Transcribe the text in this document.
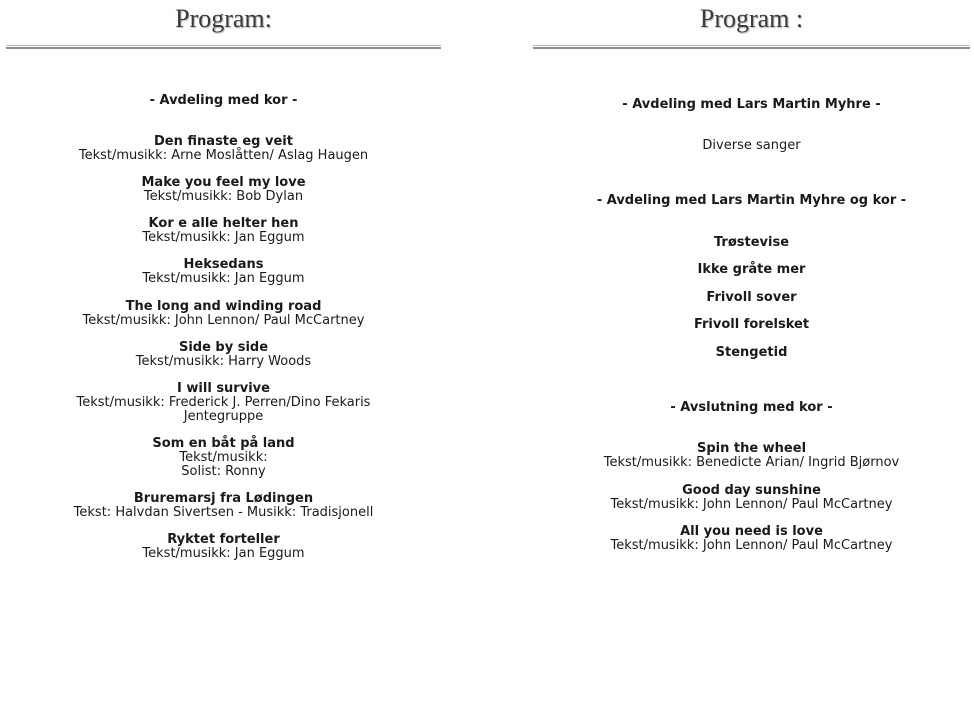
Program:
- Avdeling med kor -
Den finaste eg veit
Tekst/musikk: Arne Moslåtten/ Aslag Haugen
Make you feel my love
Tekst/musikk: Bob Dylan
Kor e alle helter hen
Tekst/musikk: Jan Eggum
Heksedans
Tekst/musikk: Jan Eggum
The long and winding road
Tekst/musikk: John Lennon/ Paul McCartney
Side by side
Tekst/musikk: Harry Woods
I will survive
Tekst/musikk: Frederick J. Perren/Dino Fekaris
Jentegruppe
Som en båt på land
Tekst/musikk:
Solist: Ronny
Bruremarsj fra Lødingen
Tekst: Halvdan Sivertsen - Musikk: Tradisjonell
Ryktet forteller
Tekst/musikk: Jan Eggum
Program :
- Avdeling med Lars Martin Myhre -
Diverse sanger
- Avdeling med Lars Martin Myhre og kor -
Trøstevise
Ikke gråte mer
Frivoll sover
Frivoll forelsket
Stengetid
- Avslutning med kor -
Spin the wheel
Tekst/musikk: Benedicte Arian/ Ingrid Bjørnov
Good day sunshine
Tekst/musikk: John Lennon/ Paul McCartney
All you need is love
Tekst/musikk: John Lennon/ Paul McCartney
